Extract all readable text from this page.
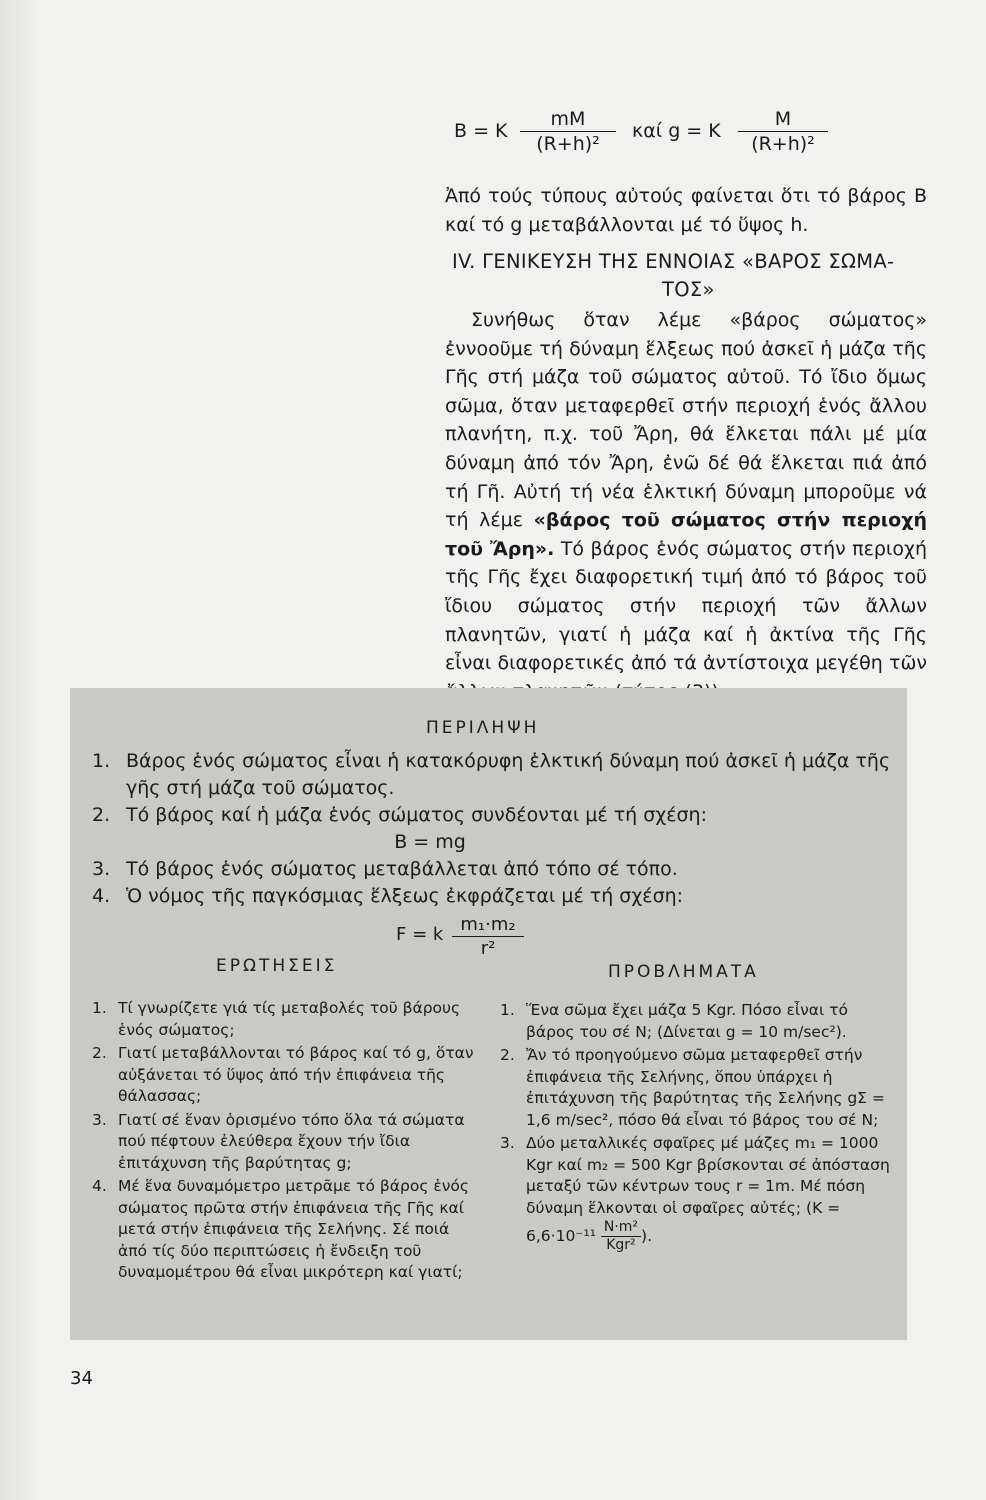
B = K $\frac{mM}{\text{(R+h)²}}$ καί g = K $\frac{M}{\text{(R+h)²}}$

Ἀπό τούς τύπους αὐτούς φαίνεται ὅτι τό βάρος B καί τό g μεταβάλλονται μέ τό ὕψος h.

IV. ΓΕΝΙΚΕΥΣΗ ΤΗΣ ΕΝΝΟΙΑΣ «ΒΑΡΟΣ ΣΩΜΑ-
ΤΟΣ»

Συνήθως ὅταν λέμε «βάρος σώματος» ἐννοοῦμε τή δύναμη ἕλξεως πού ἀσκεῖ ἡ μάζα τῆς Γῆς στή μάζα τοῦ σώματος αὐτοῦ. Τό ἴδιο ὅμως σῶμα, ὅταν μεταφερθεῖ στήν περιοχή ἑνός ἄλλου πλανήτη, π.χ. τοῦ Ἄρη, θά ἕλκεται πάλι μέ μία δύναμη ἀπό τόν Ἄρη, ἐνῶ δέ θά ἕλκεται πιά ἀπό τή Γῆ. Αὐτή τή νέα ἑλκτική δύναμη μποροῦμε νά τή λέμε «βάρος τοῦ σώματος στήν περιοχή τοῦ Ἄρη». Τό βάρος ἑνός σώματος στήν περιοχή τῆς Γῆς ἔχει διαφορετική τιμή ἀπό τό βάρος τοῦ ἴδιου σώματος στήν περιοχή τῶν ἄλλων πλανητῶν, γιατί ἡ μάζα καί ἡ ἀκτίνα τῆς Γῆς εἶναι διαφορετικές ἀπό τά ἀντίστοιχα μεγέθη τῶν

ΠΕΡΙΛΗΨΗ
1. Βάρος ἑνός σώματος εἶναι ἡ κατακόρυφη ἑλκτική δύναμη πού ἀσκεῖ ἡ μάζα τῆς γῆς στή μάζα τοῦ σώματος.
2. Τό βάρος καί ἡ μάζα ἑνός σώματος συνδέονται μέ τή σχέση:
B = mg
3. Τό βάρος ἑνός σώματος μεταβάλλεται ἀπό τόπο σέ τόπο.
4. Ὁ νόμος τῆς παγκόσμιας ἕλξεως ἐκφράζεται μέ τή σχέση:
F = k $\frac{\text{m₁·m₂}}{\text{r²}}$
ΕΡΩΤΗΣΕΙΣ	ΠΡΟΒΛΗΜΑΤΑ
1. Τί γνωρίζετε γιά τίς μεταβολές τοῦ βάρους ἑνός σώματος;
2. Γιατί μεταβάλλονται τό βάρος καί τό g, ὅταν αὐξάνεται τό ὕψος ἀπό τήν ἐπιφάνεια τῆς θάλασσας;
3. Γιατί σέ ἕναν ὁρισμένο τόπο ὅλα τά σώματα πού πέφτουν ἐλεύθερα ἔχουν τήν ἴδια ἐπιτάχυνση τῆς βαρύτητας g;
4. Μέ ἕνα δυναμόμετρο μετρᾶμε τό βάρος ἑνός σώματος πρῶτα στήν ἐπιφάνεια τῆς Γῆς καί μετά στήν ἐπιφάνεια τῆς Σελήνης. Σέ ποιά ἀπό τίς δύο περιπτώσεις ἡ ἔνδειξη τοῦ δυναμομέτρου θά εἶναι μικρότερη καί γιατί;
1. Ἕνα σῶμα ἔχει μάζα 5 Kgr. Πόσο εἶναι τό βάρος του σέ N; (Δίνεται g = 10 m/sec²).
2. Ἄν τό προηγούμενο σῶμα μεταφερθεῖ στήν ἐπιφάνεια τῆς Σελήνης, ὅπου ὑπάρχει ἡ ἐπιτάχυνση τῆς βαρύτητας τῆς Σελήνης gΣ = 1,6 m/sec², πόσο θά εἶναι τό βάρος του σέ N;
3. Δύο μεταλλικές σφαῖρες μέ μάζες m₁ = 1000 Kgr καί m₂ = 500 Kgr βρίσκονται σέ ἀπόσταση μεταξύ τῶν κέντρων τους r = 1m. Μέ πόση δύναμη ἕλκονται οἱ σφαῖρες αὐτές; (K = 6,6·10⁻¹¹ N·m²
Kgr² ).
34
